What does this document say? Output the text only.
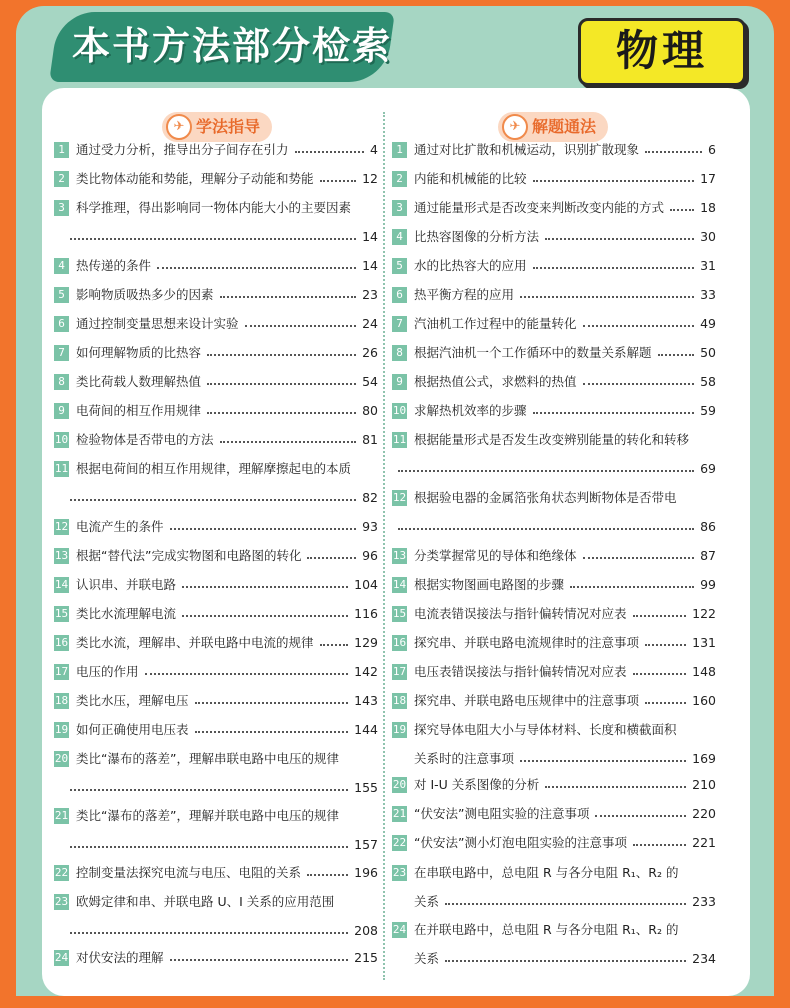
本书方法部分检索	物理
✈ 学法指导	✈ 解题通法
1 通过受力分析，推导出分子间存在引力	4
2 类比物体动能和势能，理解分子动能和势能	12
3 科学推理，得出影响同一物体内能大小的主要因素
14
4 热传递的条件	14
5 影响物质吸热多少的因素	23
6 通过控制变量思想来设计实验	24
7 如何理解物质的比热容	26
8 类比荷载人数理解热值	54
9 电荷间的相互作用规律	80
10 检验物体是否带电的方法	81
11 根据电荷间的相互作用规律，理解摩擦起电的本质
82
12 电流产生的条件	93
13 根据“替代法”完成实物图和电路图的转化	96
14 认识串、并联电路	104
15 类比水流理解电流	116
16 类比水流，理解串、并联电路中电流的规律	129
17 电压的作用	142
18 类比水压，理解电压	143
19 如何正确使用电压表	144
20 类比“瀑布的落差”，理解串联电路中电压的规律
155
21 类比“瀑布的落差”，理解并联电路中电压的规律
157
22 控制变量法探究电流与电压、电阻的关系	196
23 欧姆定律和串、并联电路 U、I 关系的应用范围
208
24 对伏安法的理解	215
1 通过对比扩散和机械运动，识别扩散现象	6
2 内能和机械能的比较	17
3 通过能量形式是否改变来判断改变内能的方式	18
4 比热容图像的分析方法	30
5 水的比热容大的应用	31
6 热平衡方程的应用	33
7 汽油机工作过程中的能量转化	49
8 根据汽油机一个工作循环中的数量关系解题	50
9 根据热值公式，求燃料的热值	58
10 求解热机效率的步骤	59
11 根据能量形式是否发生改变辨别能量的转化和转移
69
12 根据验电器的金属箔张角状态判断物体是否带电
86
13 分类掌握常见的导体和绝缘体	87
14 根据实物图画电路图的步骤	99
15 电流表错误接法与指针偏转情况对应表	122
16 探究串、并联电路电流规律时的注意事项	131
17 电压表错误接法与指针偏转情况对应表	148
18 探究串、并联电路电压规律中的注意事项	160
19 探究导体电阻大小与导体材料、长度和横截面积
关系时的注意事项	169
20 对 I-U 关系图像的分析	210
21 “伏安法”测电阻实验的注意事项	220
22 “伏安法”测小灯泡电阻实验的注意事项	221
23 在串联电路中，总电阻 R 与各分电阻 R₁、R₂ 的
关系	233
24 在并联电路中，总电阻 R 与各分电阻 R₁、R₂ 的
关系	234
